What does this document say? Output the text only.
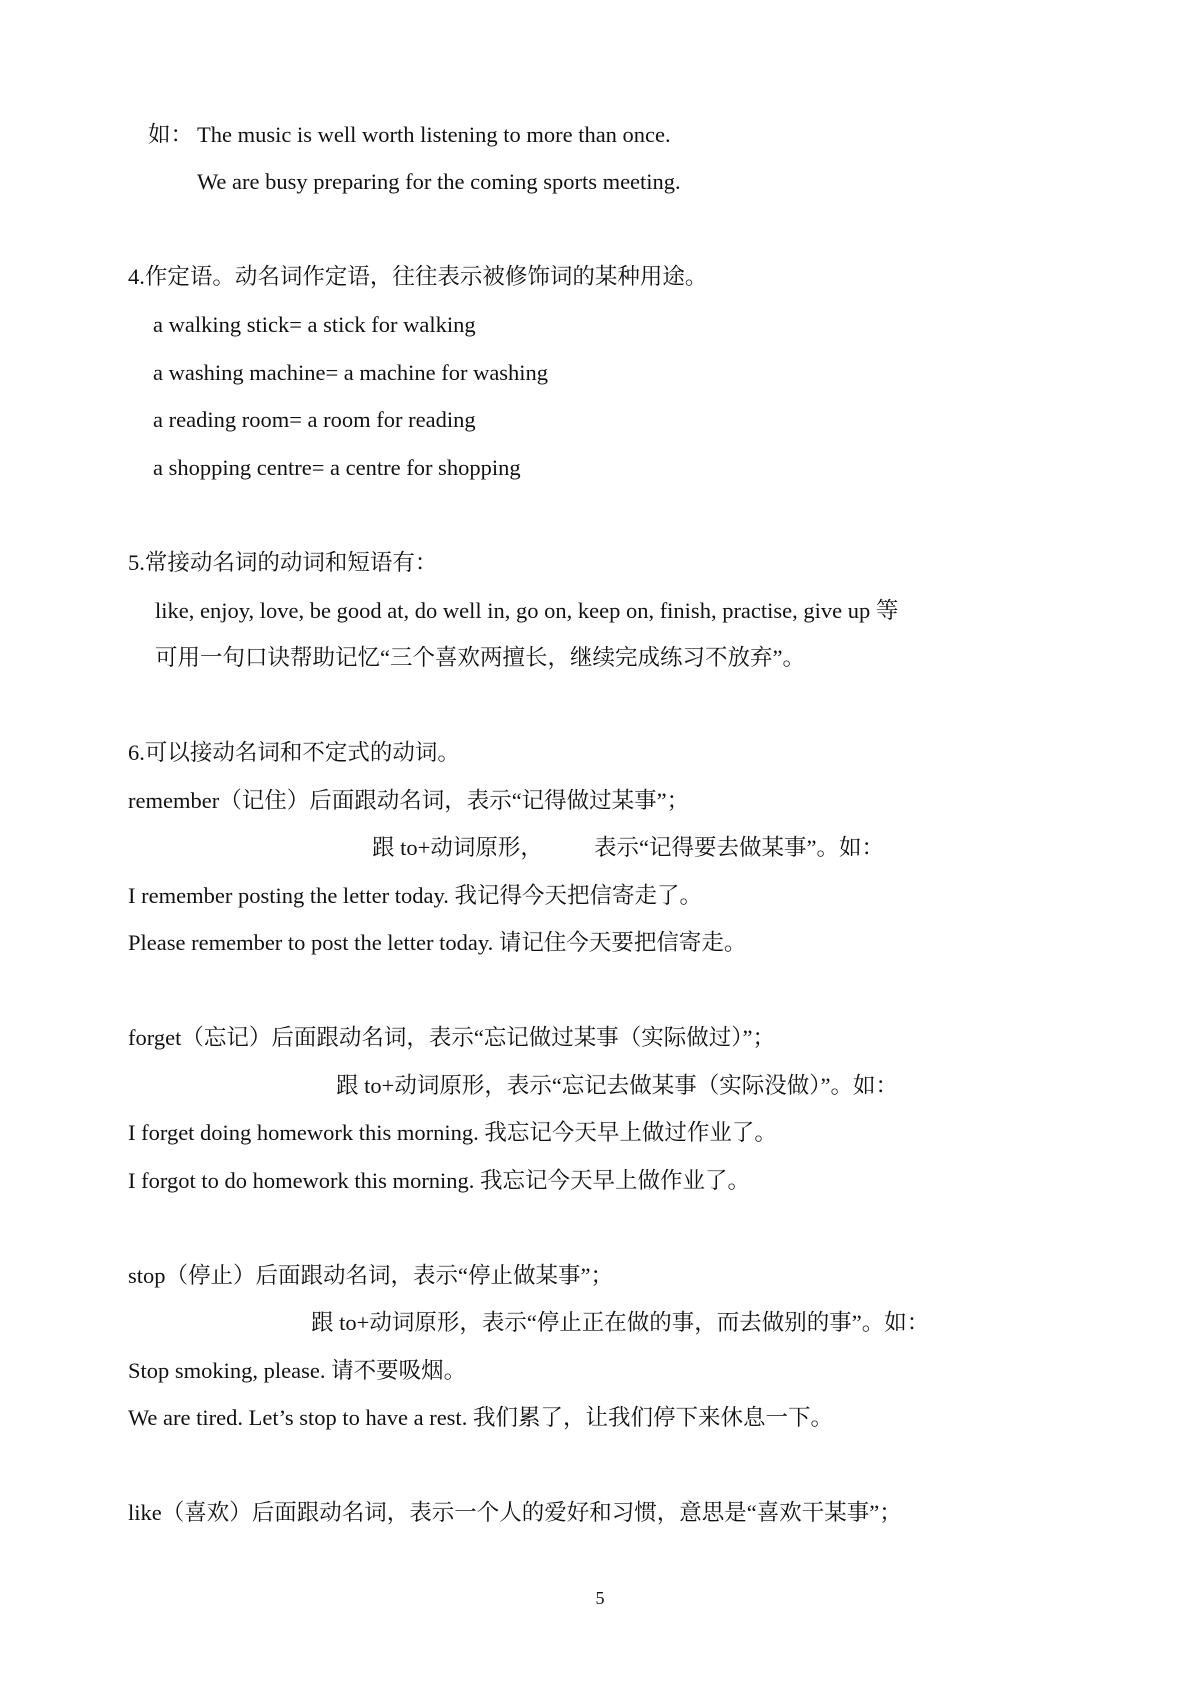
如： The music is well worth listening to more than once.
We are busy preparing for the coming sports meeting.
4.作定语。动名词作定语，往往表示被修饰词的某种用途。
a walking stick= a stick for walking
a washing machine= a machine for washing
a reading room= a room for reading
a shopping centre= a centre for shopping
5.常接动名词的动词和短语有：
like, enjoy, love, be good at, do well in, go on, keep on, finish, practise, give up 等
可用一句口诀帮助记忆“三个喜欢两擅长，继续完成练习不放弃”。
6.可以接动名词和不定式的动词。
remember（记住）后面跟动名词，表示“记得做过某事”；
跟 to+动词原形， 表示“记得要去做某事”。如：
I remember posting the letter today. 我记得今天把信寄走了。
Please remember to post the letter today. 请记住今天要把信寄走。
forget（忘记）后面跟动名词，表示“忘记做过某事（实际做过）”；
跟 to+动词原形，表示“忘记去做某事（实际没做）”。如：
I forget doing homework this morning. 我忘记今天早上做过作业了。
I forgot to do homework this morning. 我忘记今天早上做作业了。
stop（停止）后面跟动名词，表示“停止做某事”；
跟 to+动词原形，表示“停止正在做的事，而去做别的事”。如：
Stop smoking, please. 请不要吸烟。
We are tired. Let’s stop to have a rest. 我们累了，让我们停下来休息一下。
like（喜欢）后面跟动名词，表示一个人的爱好和习惯，意思是“喜欢干某事”；
5
